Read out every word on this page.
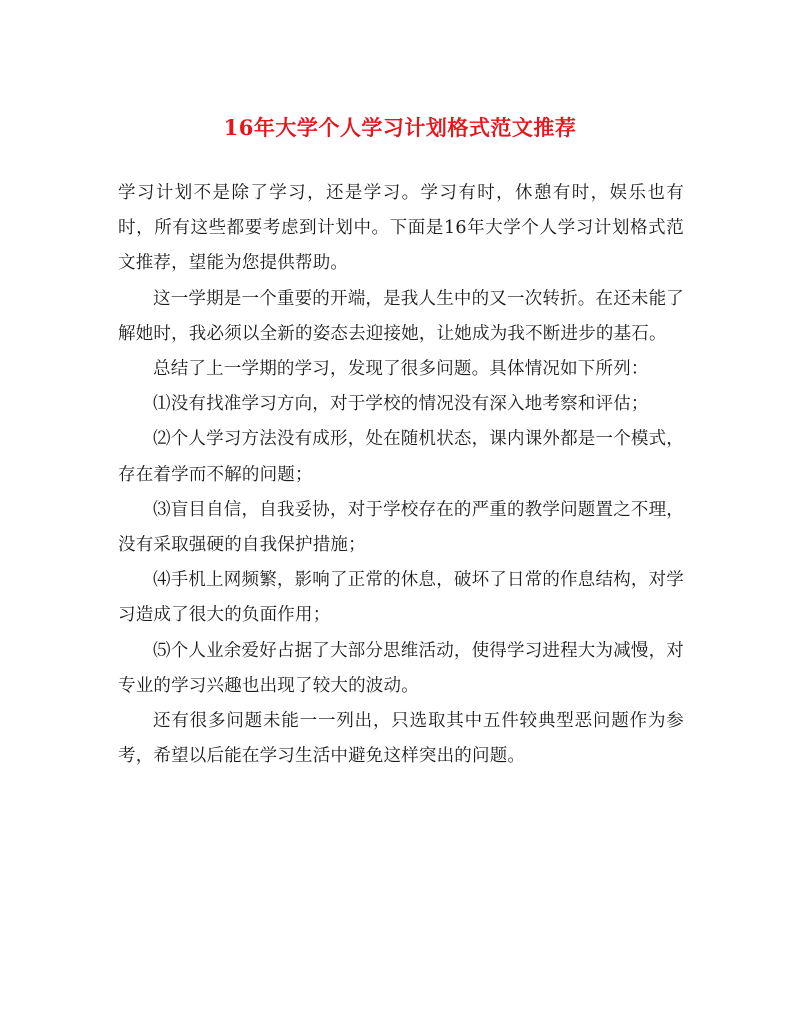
16年大学个人学习计划格式范文推荐

学习计划不是除了学习，还是学习。学习有时，休憩有时，娱乐也有时，所有这些都要考虑到计划中。下面是16年大学个人学习计划格式范文推荐，望能为您提供帮助。

这一学期是一个重要的开端，是我人生中的又一次转折。在还未能了解她时，我必须以全新的姿态去迎接她，让她成为我不断进步的基石。

总结了上一学期的学习，发现了很多问题。具体情况如下所列：

⑴没有找准学习方向，对于学校的情况没有深入地考察和评估；

⑵个人学习方法没有成形，处在随机状态，课内课外都是一个模式，存在着学而不解的问题；

⑶盲目自信，自我妥协，对于学校存在的严重的教学问题置之不理，没有采取强硬的自我保护措施；

⑷手机上网频繁，影响了正常的休息，破坏了日常的作息结构，对学习造成了很大的负面作用；

⑸个人业余爱好占据了大部分思维活动，使得学习进程大为减慢，对专业的学习兴趣也出现了较大的波动。

还有很多问题未能一一列出，只选取其中五件较典型恶问题作为参考，希望以后能在学习生活中避免这样突出的问题。
